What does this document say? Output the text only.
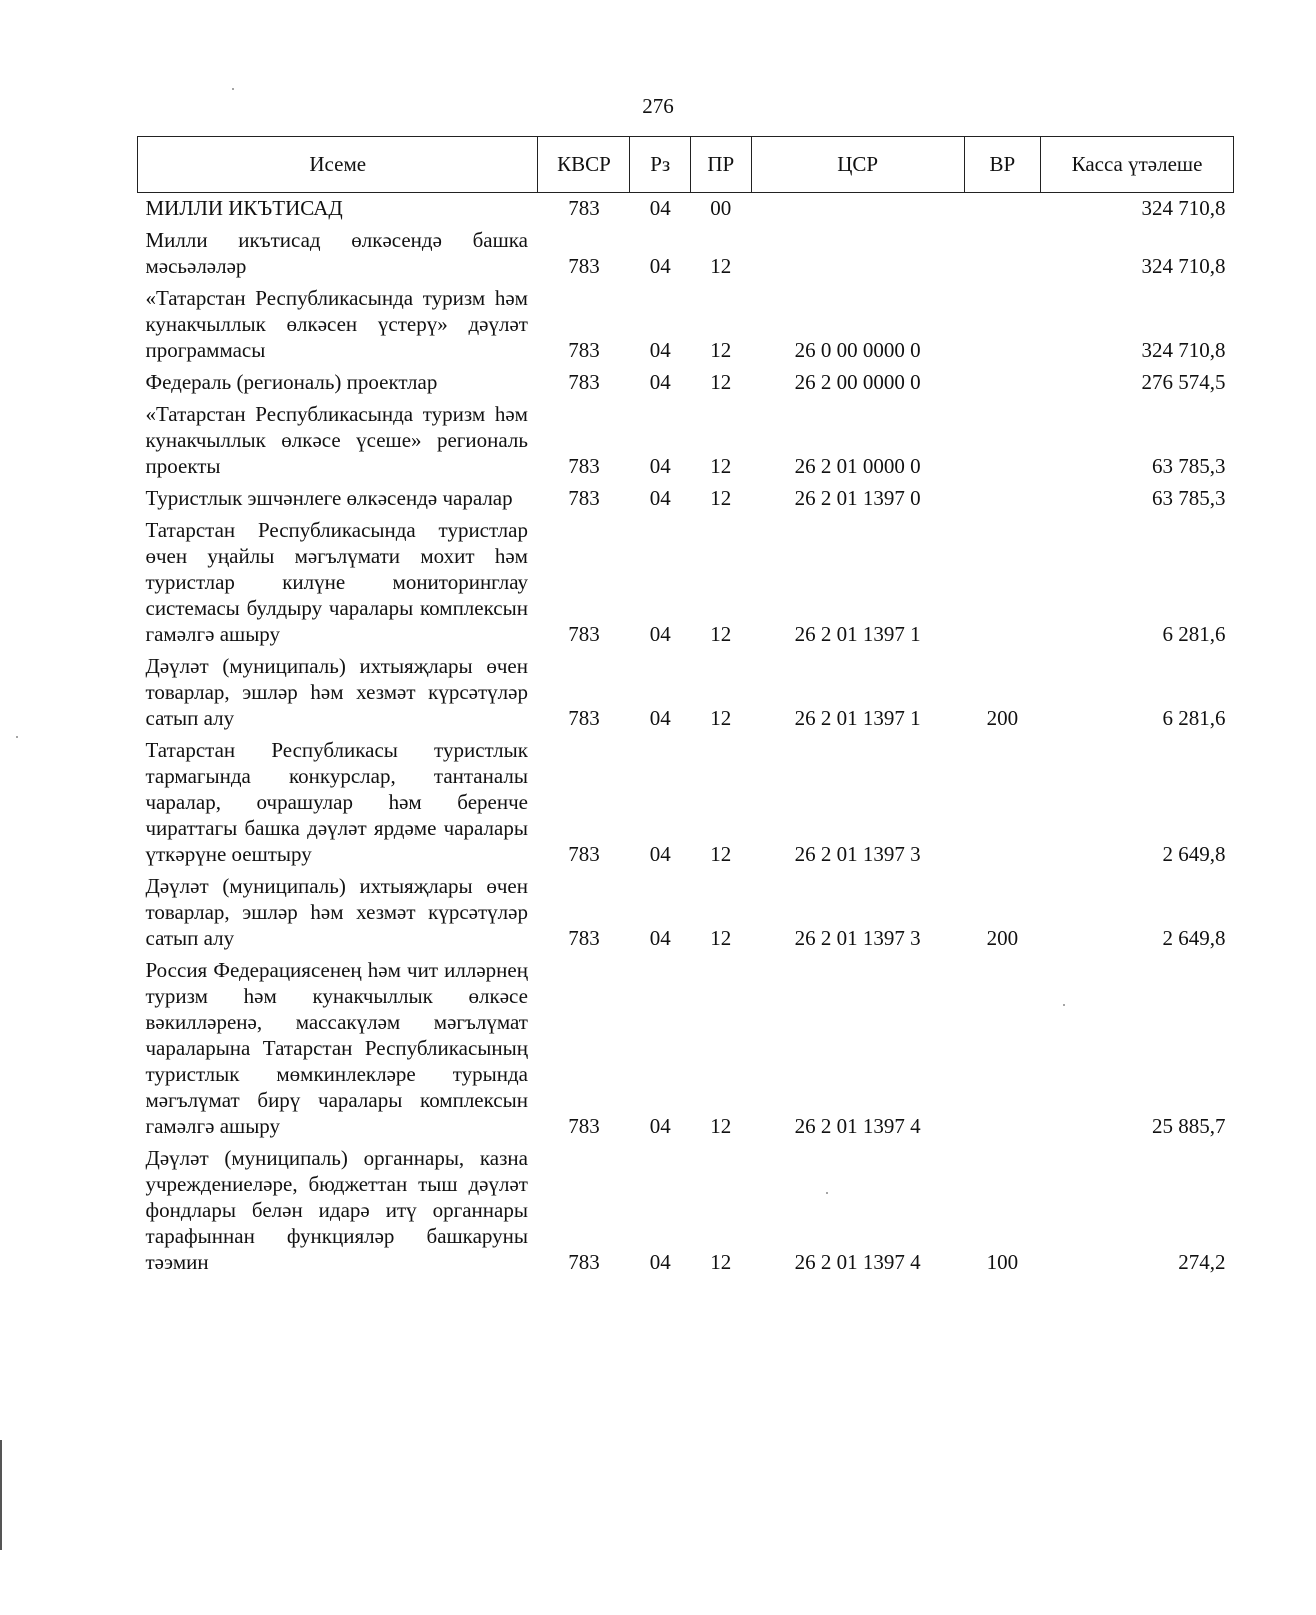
276
Исеме	КВСР	Рз	ПР	ЦСР	ВР	Касса үтәлеше
МИЛЛИ ИКЪТИСАД	783	04	00			324 710,8
Милли икътисад өлкәсендә башка мәсьәләләр	783	04	12			324 710,8
«Татарстан Республикасында туризм һәм кунакчыллык өлкәсен үстерү» дәүләт программасы	783	04	12	26 0 00 0000 0		324 710,8
Федераль (региональ) проектлар	783	04	12	26 2 00 0000 0		276 574,5
«Татарстан Республикасында туризм һәм кунакчыллык өлкәсе үсеше» региональ проекты	783	04	12	26 2 01 0000 0		63 785,3
Туристлык эшчәнлеге өлкәсендә чаралар	783	04	12	26 2 01 1397 0		63 785,3
Татарстан Республикасында туристлар өчен уңайлы мәгълүмати мохит һәм туристлар килүне мониторинглау системасы булдыру чаралары комплексын гамәлгә ашыру	783	04	12	26 2 01 1397 1		6 281,6
Дәүләт (муниципаль) ихтыяҗлары өчен товарлар, эшләр һәм хезмәт күрсәтүләр сатып алу	783	04	12	26 2 01 1397 1	200	6 281,6
Татарстан Республикасы туристлык тармагында конкурслар, тантаналы чаралар, очрашулар һәм беренче чираттагы башка дәүләт ярдәме чаралары үткәрүне оештыру	783	04	12	26 2 01 1397 3		2 649,8
Дәүләт (муниципаль) ихтыяҗлары өчен товарлар, эшләр һәм хезмәт күрсәтүләр сатып алу	783	04	12	26 2 01 1397 3	200	2 649,8
Россия Федерациясенең һәм чит илләрнең туризм һәм кунакчыллык өлкәсе вәкилләренә, массакүләм мәгълүмат чараларына Татарстан Республикасының туристлык мөмкинлекләре турында мәгълүмат бирү чаралары комплексын гамәлгә ашыру	783	04	12	26 2 01 1397 4		25 885,7
Дәүләт (муниципаль) органнары, казна учреждениеләре, бюджеттан тыш дәүләт фондлары белән идарә итү органнары тарафыннан функцияләр башкаруны тәэмин	783	04	12	26 2 01 1397 4	100	274,2
